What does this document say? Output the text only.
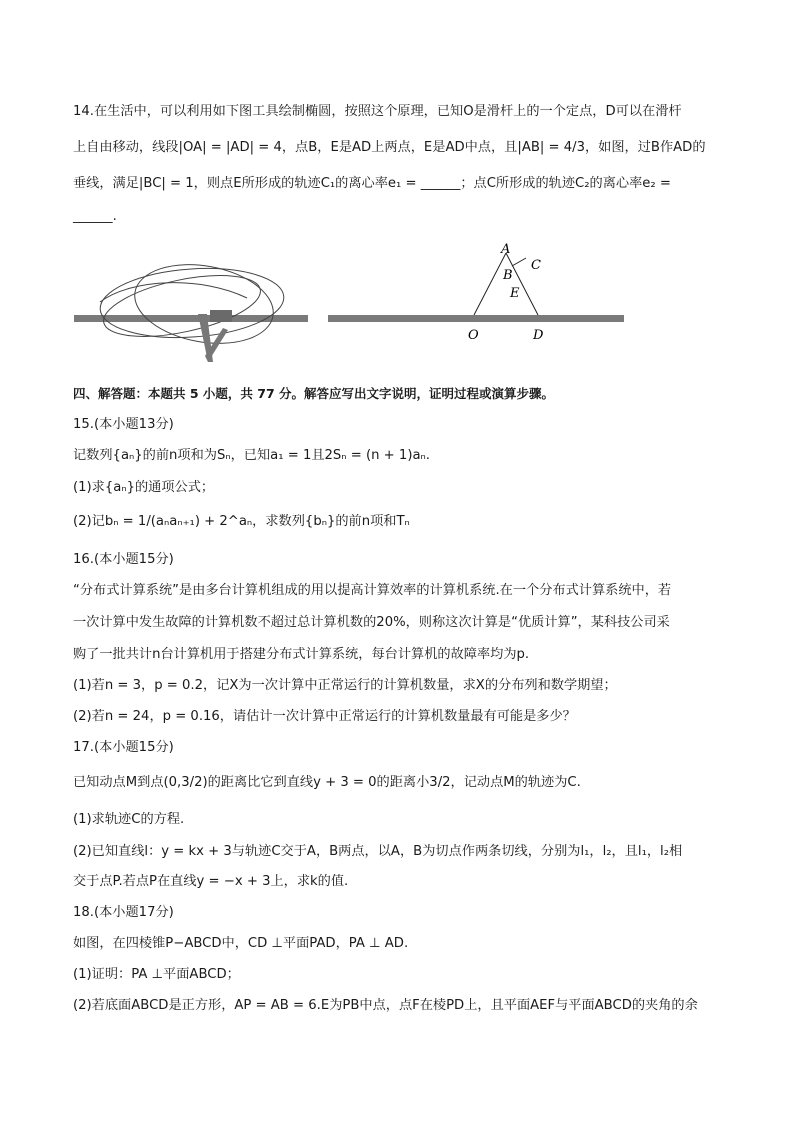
14.在生活中，可以利用如下图工具绘制椭圆，按照这个原理，已知O是滑杆上的一个定点，D可以在滑杆
上自由移动，线段|OA| = |AD| = 4，点B，E是AD上两点，E是AD中点，且|AB| = 4/3，如图，过B作AD的
垂线，满足|BC| = 1，则点E所形成的轨迹C₁的离心率e₁ = ______；点C所形成的轨迹C₂的离心率e₂ =
______.
A
B
C
E
O	D
四、解答题：本题共 5 小题，共 77 分。解答应写出文字说明，证明过程或演算步骤。
15.(本小题13分)
记数列{aₙ}的前n项和为Sₙ，已知a₁ = 1且2Sₙ = (n + 1)aₙ.
(1)求{aₙ}的通项公式；
(2)记bₙ = 1/(aₙaₙ₊₁) + 2^aₙ，求数列{bₙ}的前n项和Tₙ
16.(本小题15分)
“分布式计算系统”是由多台计算机组成的用以提高计算效率的计算机系统.在一个分布式计算系统中，若
一次计算中发生故障的计算机数不超过总计算机数的20%，则称这次计算是“优质计算”，某科技公司采
购了一批共计n台计算机用于搭建分布式计算系统，每台计算机的故障率均为p.
(1)若n = 3，p = 0.2，记X为一次计算中正常运行的计算机数量，求X的分布列和数学期望；
(2)若n = 24，p = 0.16，请估计一次计算中正常运行的计算机数量最有可能是多少？
17.(本小题15分)
已知动点M到点(0,3/2)的距离比它到直线y + 3 = 0的距离小3/2，记动点M的轨迹为C.
(1)求轨迹C的方程.
(2)已知直线l：y = kx + 3与轨迹C交于A，B两点，以A，B为切点作两条切线，分别为l₁，l₂，且l₁，l₂相
交于点P.若点P在直线y = −x + 3上，求k的值.
18.(本小题17分)
如图，在四棱锥P−ABCD中，CD ⊥平面PAD，PA ⊥ AD.
(1)证明：PA ⊥平面ABCD；
(2)若底面ABCD是正方形，AP = AB = 6.E为PB中点，点F在棱PD上，且平面AEF与平面ABCD的夹角的余
